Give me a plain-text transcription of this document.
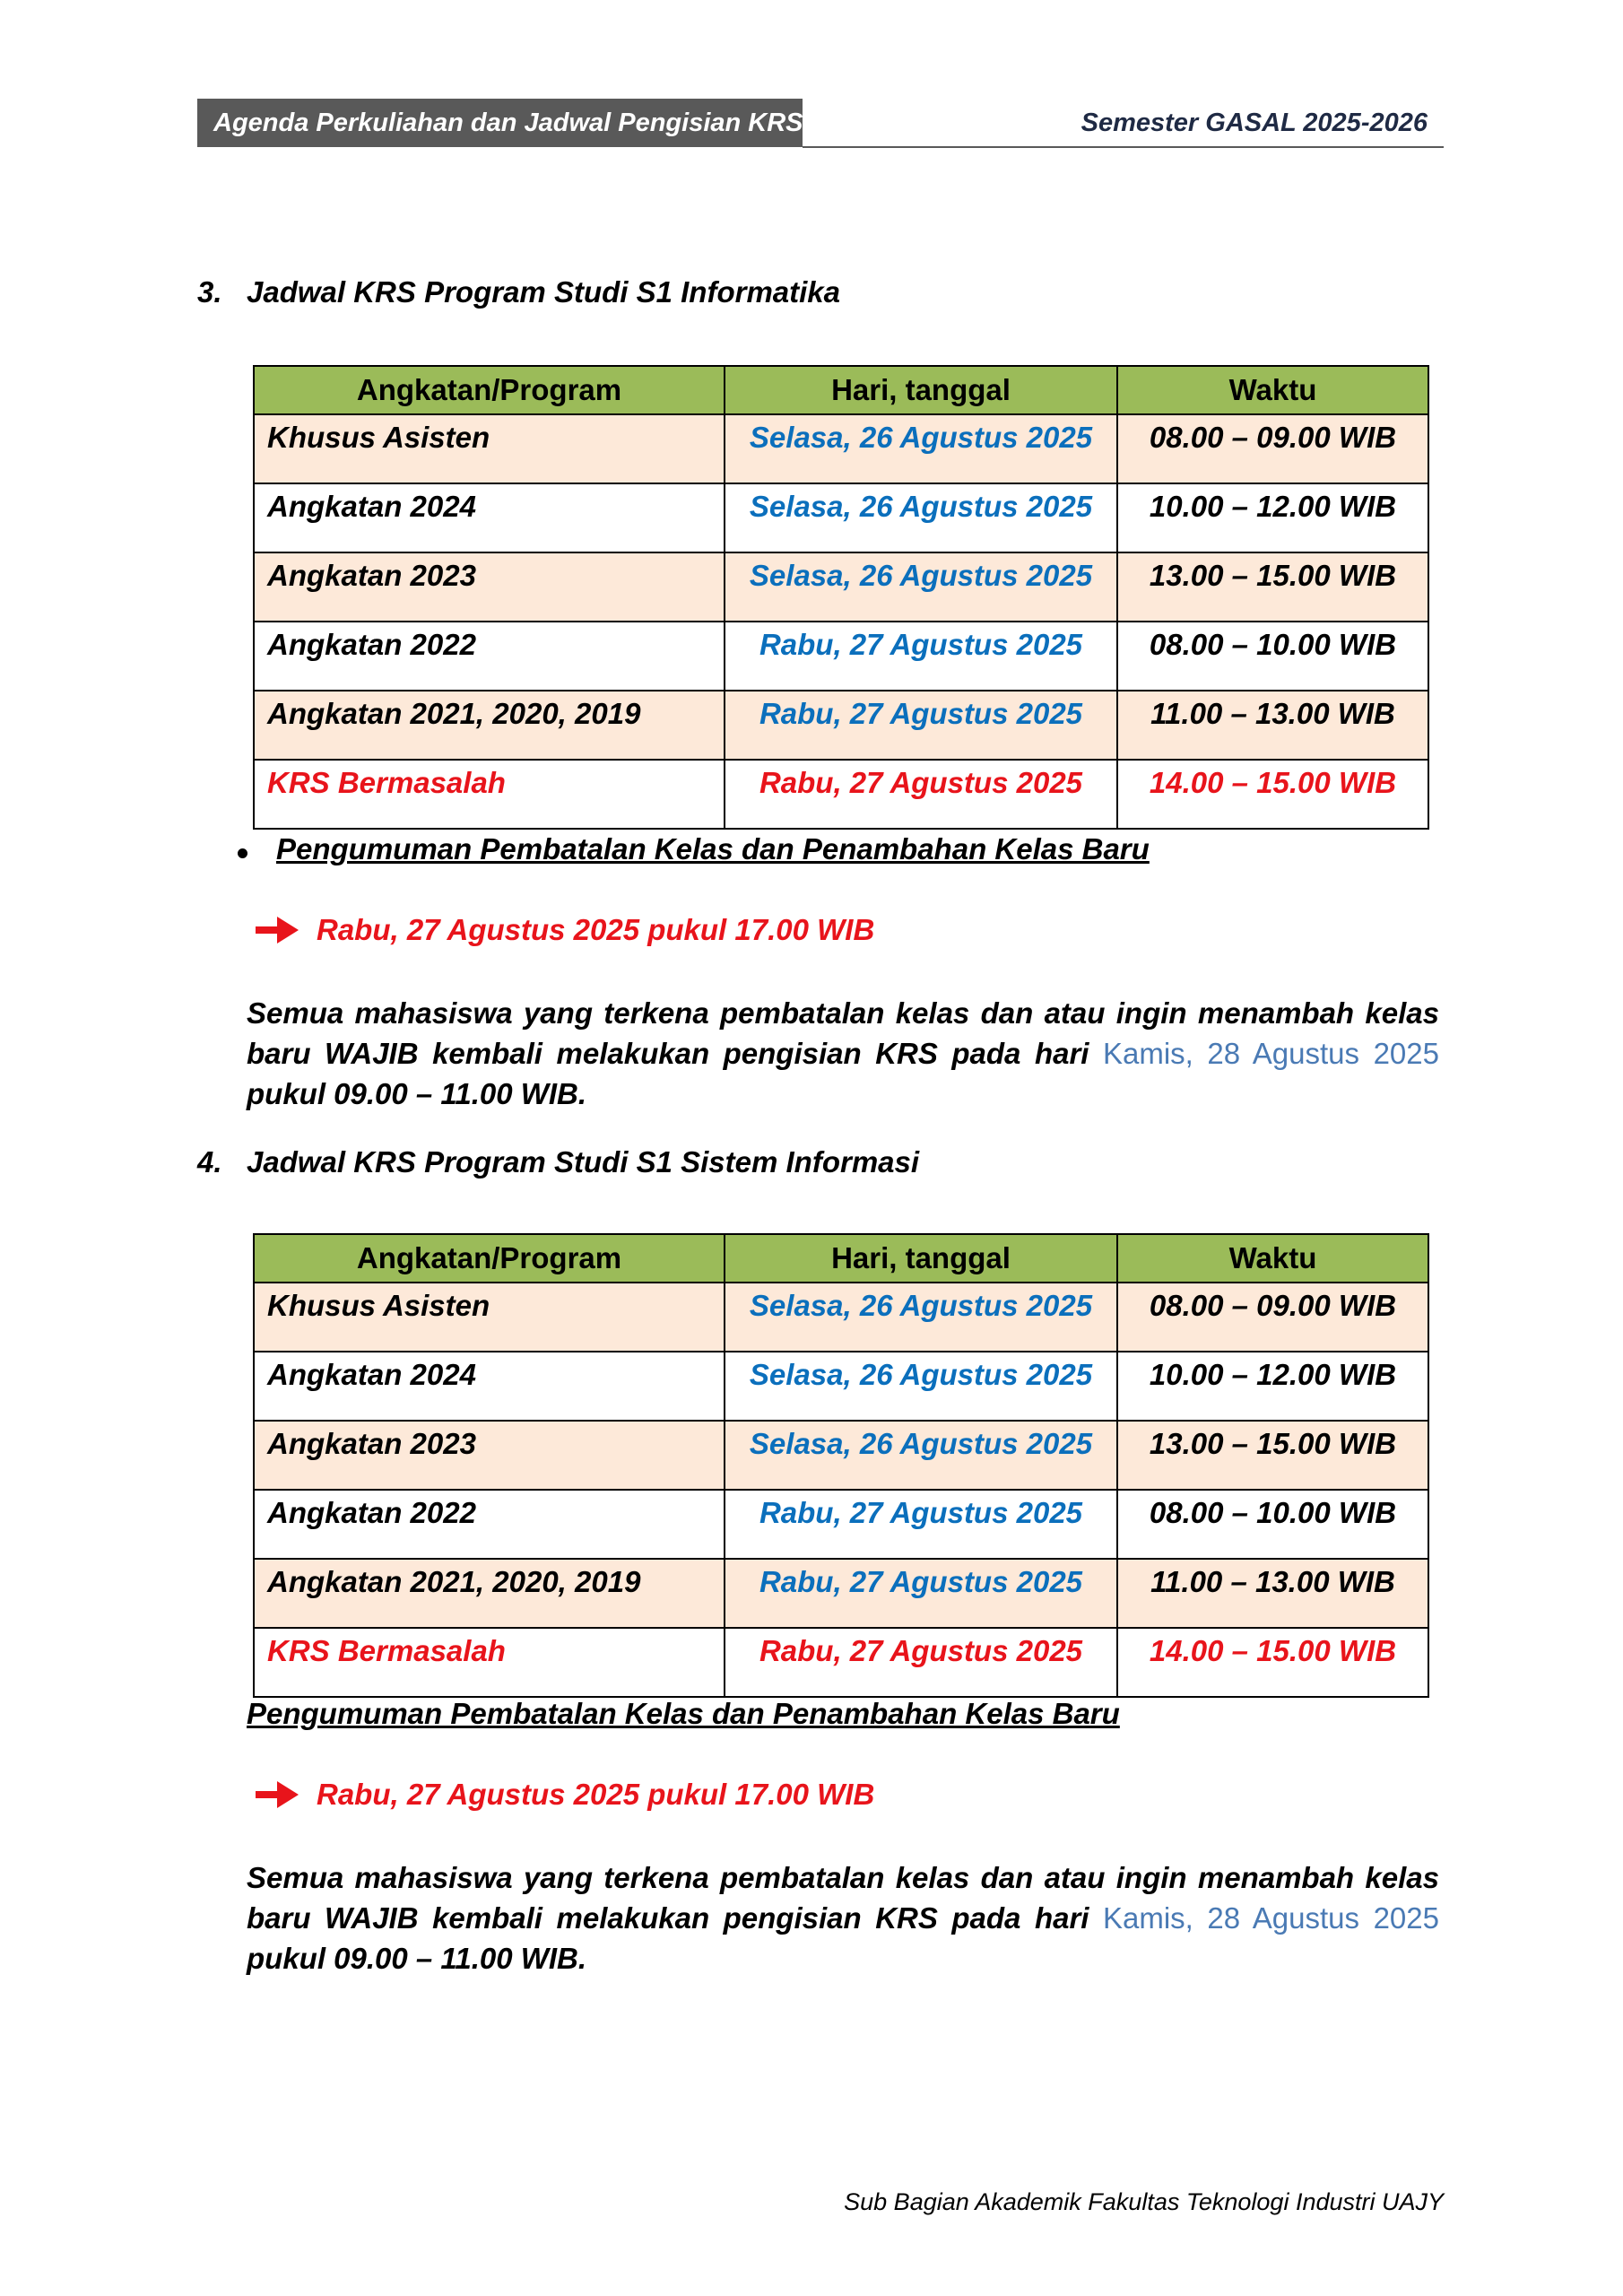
Agenda Perkuliahan dan Jadwal Pengisian KRS	Semester GASAL 2025-2026
3. Jadwal KRS Program Studi S1 Informatika
Angkatan/Program	Hari, tanggal	Waktu
Khusus Asisten	Selasa, 26 Agustus 2025	08.00 – 09.00 WIB
Angkatan 2024	Selasa, 26 Agustus 2025	10.00 – 12.00 WIB
Angkatan 2023	Selasa, 26 Agustus 2025	13.00 – 15.00 WIB
Angkatan 2022	Rabu, 27 Agustus 2025	08.00 – 10.00 WIB
Angkatan 2021, 2020, 2019	Rabu, 27 Agustus 2025	11.00 – 13.00 WIB
KRS Bermasalah	Rabu, 27 Agustus 2025	14.00 – 15.00 WIB
Pengumuman Pembatalan Kelas dan Penambahan Kelas Baru
Rabu, 27 Agustus 2025 pukul 17.00 WIB
Semua mahasiswa yang terkena pembatalan kelas dan atau ingin menambah kelas
baru WAJIB kembali melakukan pengisian KRS pada hari Kamis, 28 Agustus 2025
pukul 09.00 – 11.00 WIB.
4. Jadwal KRS Program Studi S1 Sistem Informasi
Angkatan/Program	Hari, tanggal	Waktu
Khusus Asisten	Selasa, 26 Agustus 2025	08.00 – 09.00 WIB
Angkatan 2024	Selasa, 26 Agustus 2025	10.00 – 12.00 WIB
Angkatan 2023	Selasa, 26 Agustus 2025	13.00 – 15.00 WIB
Angkatan 2022	Rabu, 27 Agustus 2025	08.00 – 10.00 WIB
Angkatan 2021, 2020, 2019	Rabu, 27 Agustus 2025	11.00 – 13.00 WIB
KRS Bermasalah	Rabu, 27 Agustus 2025	14.00 – 15.00 WIB
Pengumuman Pembatalan Kelas dan Penambahan Kelas Baru
Rabu, 27 Agustus 2025 pukul 17.00 WIB
Semua mahasiswa yang terkena pembatalan kelas dan atau ingin menambah kelas
baru WAJIB kembali melakukan pengisian KRS pada hari Kamis, 28 Agustus 2025
pukul 09.00 – 11.00 WIB.
Sub Bagian Akademik Fakultas Teknologi Industri UAJY
